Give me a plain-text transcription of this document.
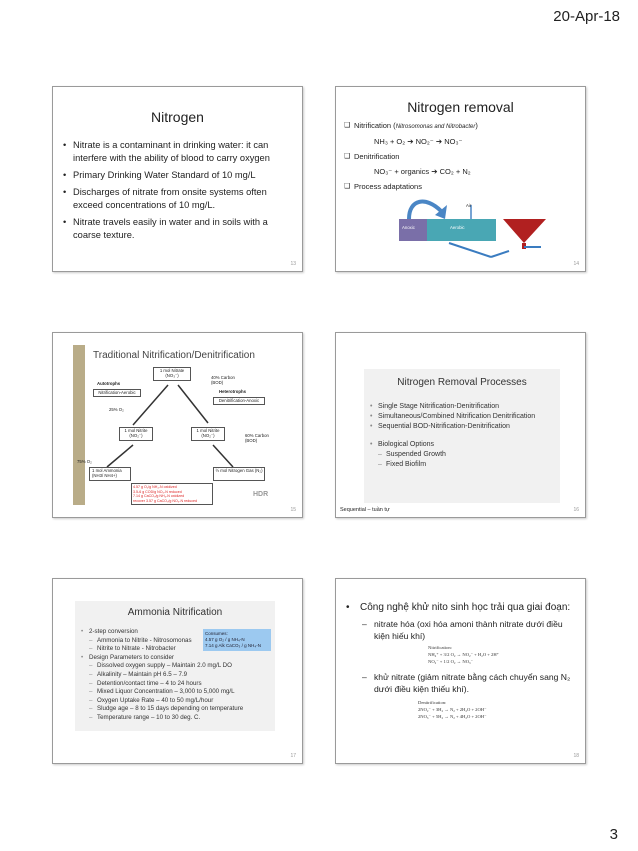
20-Apr-18
Nitrogen
• Nitrate is a contaminant in drinking water: it can interfere with the ability of blood to carry oxygen
• Primary Drinking Water Standard of 10 mg/L
• Discharges of nitrate from onsite systems often exceed concentrations of 10 mg/L.
• Nitrate travels easily in water and in soils with a coarse texture.
13
Nitrogen removal
❑ Nitrification (Nitrosomonas and Nitrobacter)
NH₃ + O₂ ➔ NO₂⁻ ➔ NO₃⁻
❑ Denitrification
NO₃⁻ + organics ➔ CO₂ + N₂
❑ Process adaptations
Air
Anoxic	Aerobic
14
Traditional Nitrification/Denitrification
1 mol Nitrate (NO₃⁻)
Autotrophs
Nitrification-Aerobic
40% Carbon (BOD)
Heterotrophs
Denitrification-Anoxic
25% O₂
1 mol Nitrite (NO₂⁻)
1 mol Nitrite (NO₂⁻)	60% Carbon (BOD)
75% O₂
1 mol Ammonia (NH3/ NH4+)
½ mol Nitrogen Gas (N₂)
4.57 g O₂/g NH₄-N oxidized
3.5-6 g COD/g NO₃-N reduced
7.14 g CaCO₃/g NH₄-N oxidized
recover 3.57 g CaCO₃/g NO₃-N reduced
HDR
15
Nitrogen Removal Processes
• Single Stage Nitrification-Denitrification
• Simultaneous/Combined Nitrification Denitrification
• Sequential BOD-Nitrification-Denitrification
• Biological Options
– Suspended Growth
– Fixed Biofilm
Sequential – tuần tự	16
Ammonia Nitrification
Consumes:
4.57 g O₂ / g NH₄-N
7.14 g Alk CaCO₃ / g NH₄-N
• 2-step conversion
– Ammonia to Nitrite - Nitrosomonas
– Nitrite to Nitrate - Nitrobacter
• Design Parameters to consider
– Dissolved oxygen supply – Maintain 2.0 mg/L DO
– Alkalinity – Maintain pH 6.5 – 7.9
– Detention/contact time – 4 to 24 hours
– Mixed Liquor Concentration – 3,000 to 5,000 mg/L
– Oxygen Uptake Rate – 40 to 50 mg/L/hour
– Sludge age – 8 to 15 days depending on temperature
– Temperature range – 10 to 30 deg. C.
17
• Công nghệ khử nito sinh học trải qua giai đoạn:
– nitrate hóa (oxi hóa amoni thành nitrate dưới điều kiện hiếu khí)
Nitrification:
NH₄⁺ + 3/2 O₂ → NO₂⁻ + H₂O + 2H⁺
NO₂⁻ + 1/2 O₂ → NO₃⁻
– khử nitrate (giảm nitrate bằng cách chuyển sang N₂ dưới điều kiện thiếu khí).
Denitrification:
2NO₂⁻ + 3H₂ → N₂ + 2H₂O + 2OH⁻
2NO₃⁻ + 5H₂ → N₂ + 4H₂O + 2OH⁻
18
3
